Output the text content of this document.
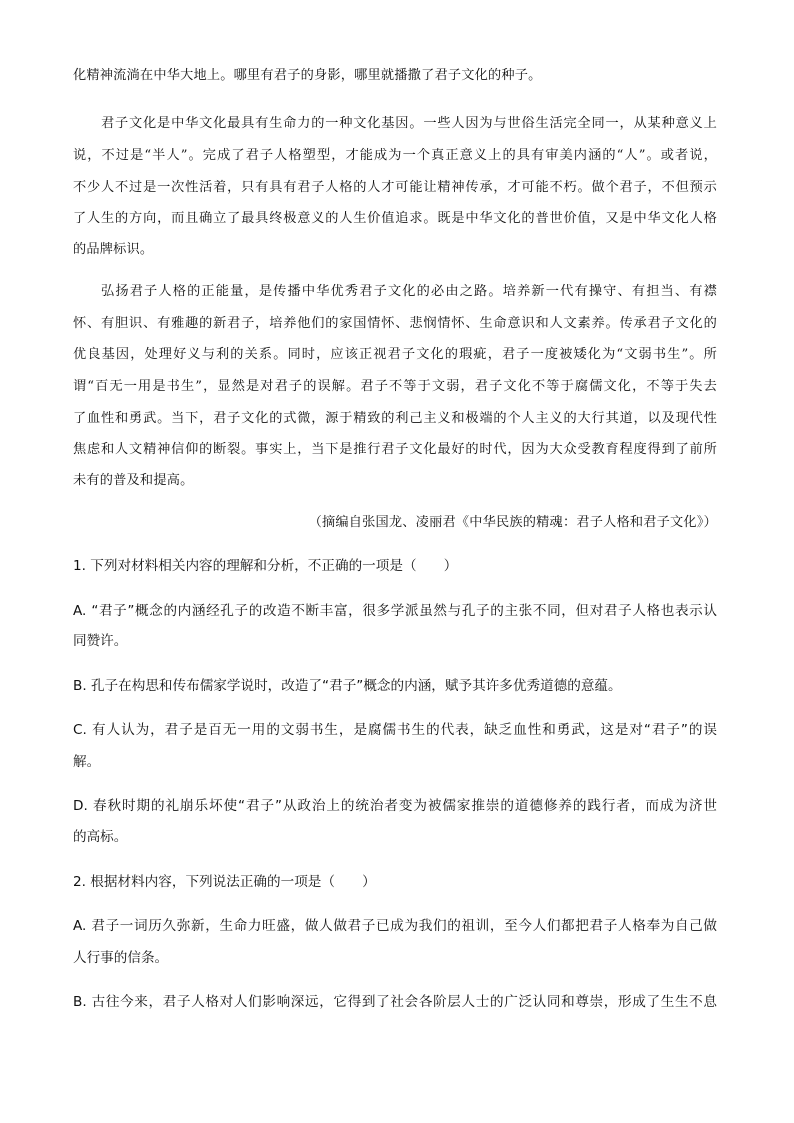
化精神流淌在中华大地上。哪里有君子的身影，哪里就播撒了君子文化的种子。
君子文化是中华文化最具有生命力的一种文化基因。一些人因为与世俗生活完全同一，从某种意义上
说，不过是“半人”。完成了君子人格塑型，才能成为一个真正意义上的具有审美内涵的“人”。或者说，
不少人不过是一次性活着，只有具有君子人格的人才可能让精神传承，才可能不朽。做个君子，不但预示
了人生的方向，而且确立了最具终极意义的人生价值追求。既是中华文化的普世价值，又是中华文化人格
的品牌标识。
弘扬君子人格的正能量，是传播中华优秀君子文化的必由之路。培养新一代有操守、有担当、有襟
怀、有胆识、有雅趣的新君子，培养他们的家国情怀、悲悯情怀、生命意识和人文素养。传承君子文化的
优良基因，处理好义与利的关系。同时，应该正视君子文化的瑕疵，君子一度被矮化为“文弱书生”。所
谓“百无一用是书生”，显然是对君子的误解。君子不等于文弱，君子文化不等于腐儒文化，不等于失去
了血性和勇武。当下，君子文化的式微，源于精致的利己主义和极端的个人主义的大行其道，以及现代性
焦虑和人文精神信仰的断裂。事实上，当下是推行君子文化最好的时代，因为大众受教育程度得到了前所
未有的普及和提高。
（摘编自张国龙、凌丽君《中华民族的精魂：君子人格和君子文化》）
1. 下列对材料相关内容的理解和分析，不正确的一项是（　　）
A. “君子”概念的内涵经孔子的改造不断丰富，很多学派虽然与孔子的主张不同，但对君子人格也表示认
同赞许。
B. 孔子在构思和传布儒家学说时，改造了“君子”概念的内涵，赋予其许多优秀道德的意蕴。
C. 有人认为，君子是百无一用的文弱书生，是腐儒书生的代表，缺乏血性和勇武，这是对“君子”的误
解。
D. 春秋时期的礼崩乐坏使“君子”从政治上的统治者变为被儒家推崇的道德修养的践行者，而成为济世
的高标。
2. 根据材料内容，下列说法正确的一项是（　　）
A. 君子一词历久弥新，生命力旺盛，做人做君子已成为我们的祖训，至今人们都把君子人格奉为自己做
人行事的信条。
B. 古往今来，君子人格对人们影响深远，它得到了社会各阶层人士的广泛认同和尊崇，形成了生生不息
